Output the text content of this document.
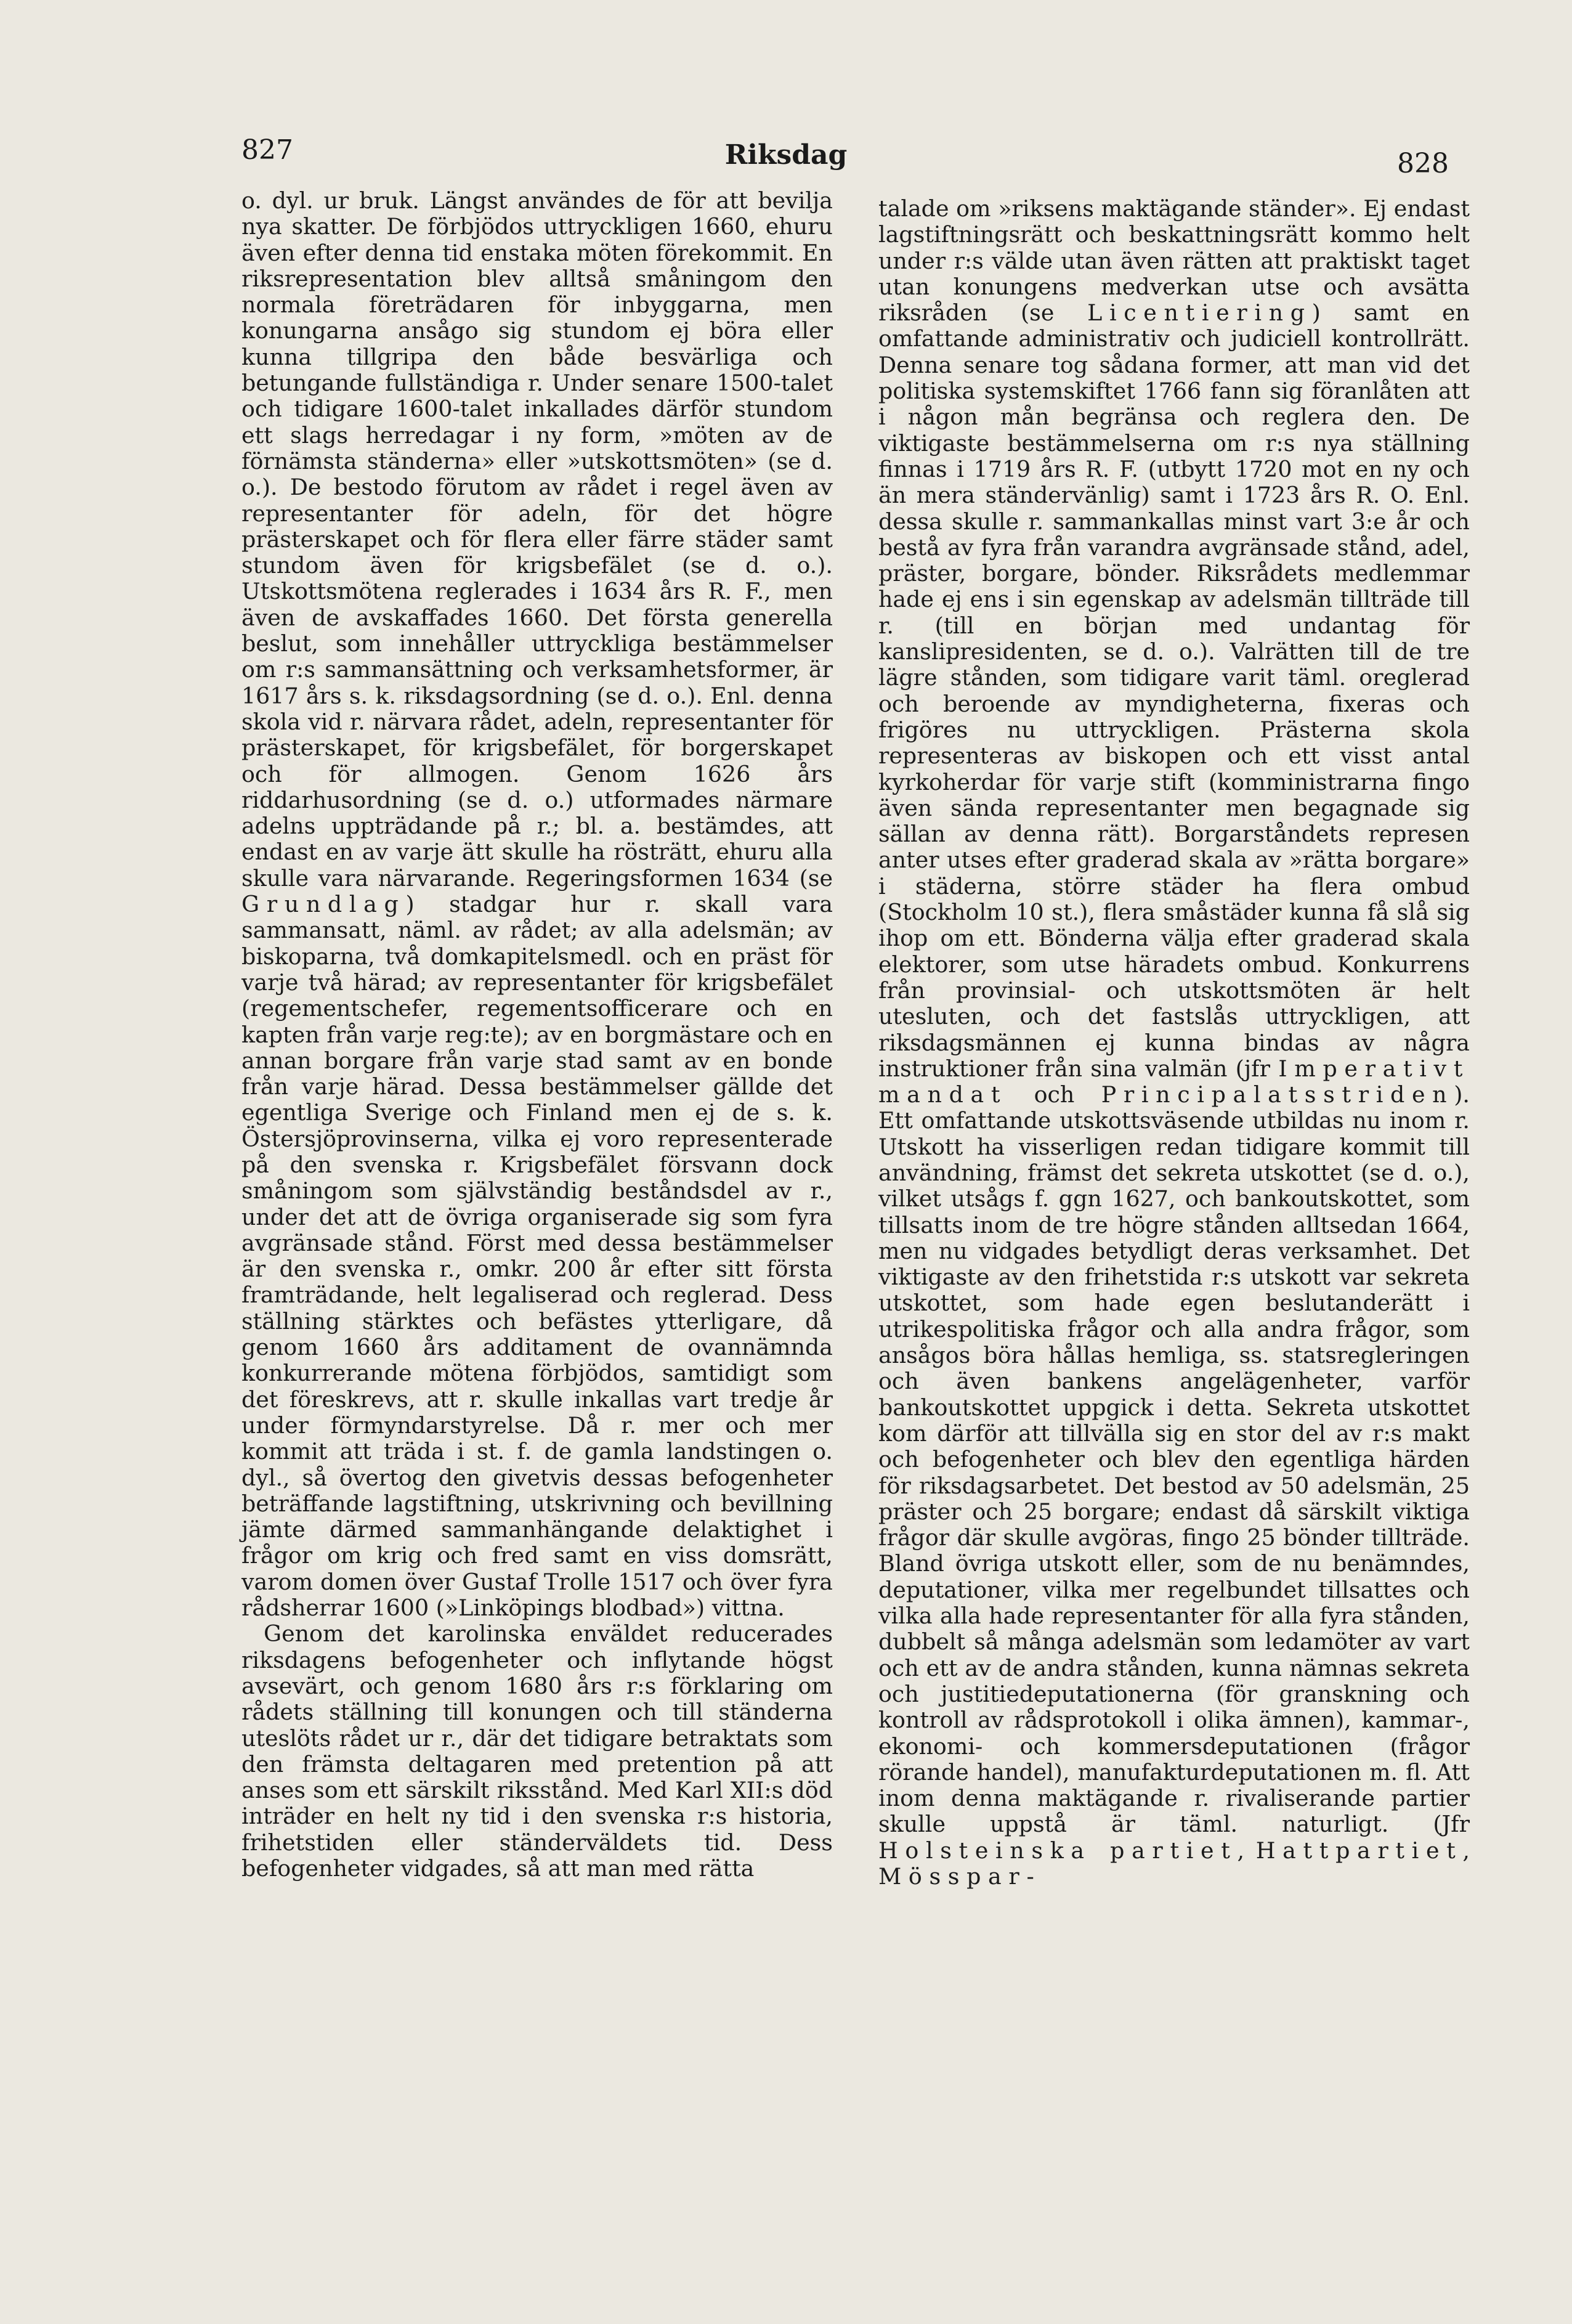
827	Riksdag	828

o. dyl. ur bruk. Längst användes de för att bevilja nya skatter. De förbjödos uttryckligen 1660, ehuru även efter denna tid enstaka möten förekommit. En riksrepresentation blev alltså småningom den normala företrädaren för inbyggarna, men konungarna ansågo sig stundom ej böra eller kunna tillgripa den både besvärliga och betungande fullständiga r. Under senare 1500-talet och tidigare 1600-talet inkallades därför stundom ett slags herredagar i ny form, »möten av de förnämsta ständerna» eller »utskottsmöten» (se d. o.). De bestodo förutom av rådet i regel även av representanter för adeln, för det högre prästerskapet och för flera eller färre städer samt stundom även för krigsbefälet (se d. o.). Utskottsmötena reglerades i 1634 års R. F., men även de avskaffades 1660. Det första generella beslut, som innehåller uttryckliga bestämmelser om r:s sammansättning och verksamhetsformer, är 1617 års s. k. riksdagsordning (se d. o.). Enl. denna skola vid r. närvara rådet, adeln, representanter för prästerskapet, för krigsbefälet, för borgerskapet och för allmogen. Genom 1626 års riddarhusordning (se d. o.) utformades närmare adelns uppträdande på r.; bl. a. bestämdes, att endast en av varje ätt skulle ha rösträtt, ehuru alla skulle vara närvarande. Regeringsformen 1634 (se Grundlag) stadgar hur r. skall vara sammansatt, näml. av rådet; av alla adelsmän; av biskoparna, två domkapitelsmedl. och en präst för varje två härad; av representanter för krigsbefälet (regementschefer, regementsofficerare och en kapten från varje reg:te); av en borgmästare och en annan borgare från varje stad samt av en bonde från varje härad. Dessa bestämmelser gällde det egentliga Sverige och Finland men ej de s. k. Östersjöprovinserna, vilka ej voro representerade på den svenska r. Krigsbefälet försvann dock småningom som självständig beståndsdel av r., under det att de övriga organiserade sig som fyra avgränsade stånd. Först med dessa bestämmelser är den svenska r., omkr. 200 år efter sitt första framträdande, helt legaliserad och reglerad. Dess ställning stärktes och befästes ytterligare, då genom 1660 års additament de ovannämnda konkurrerande mötena förbjödos, samtidigt som det föreskrevs, att r. skulle inkallas vart tredje år under förmyndarstyrelse. Då r. mer och mer kommit att träda i st. f. de gamla landstingen o. dyl., så övertog den givetvis dessas befogenheter beträffande lagstiftning, utskrivning och bevillning jämte därmed sammanhängande delaktighet i frågor om krig och fred samt en viss domsrätt, varom domen över Gustaf Trolle 1517 och över fyra rådsherrar 1600 (»Linköpings blodbad») vittna.

Genom det karolinska enväldet reducerades riksdagens befogenheter och inflytande högst avsevärt, och genom 1680 års r:s förklaring om rådets ställning till konungen och till ständerna uteslöts rådet ur r., där det tidigare betraktats som den främsta deltagaren med pretention på att anses som ett särskilt riksstånd. Med Karl XII:s död inträder en helt ny tid i den svenska r:s historia, frihetstiden eller ständerväldets tid. Dess befogenheter vidgades, så att man med rätta

talade om »riksens maktägande ständer». Ej endast lagstiftningsrätt och beskattningsrätt kommo helt under r:s välde utan även rätten att praktiskt taget utan konungens medverkan utse och avsätta riksråden (se Licentiering) samt en omfattande administrativ och judiciell kontrollrätt. Denna senare tog sådana former, att man vid det politiska systemskiftet 1766 fann sig föranlåten att i någon mån begränsa och reglera den. De viktigaste bestämmelserna om r:s nya ställning finnas i 1719 års R. F. (utbytt 1720 mot en ny och än mera ständervänlig) samt i 1723 års R. O. Enl. dessa skulle r. sammankallas minst vart 3:e år och bestå av fyra från varandra avgränsade stånd, adel, präster, borgare, bönder. Riksrådets medlemmar hade ej ens i sin egenskap av adelsmän tillträde till r. (till en början med undantag för kanslipresidenten, se d. o.). Valrätten till de tre lägre stånden, som tidigare varit täml. oreglerad och beroende av myndigheterna, fixeras och frigöres nu uttryckligen. Prästerna skola representeras av biskopen och ett visst antal kyrkoherdar för varje stift (komministrarna fingo även sända representanter men begagnade sig sällan av denna rätt). Borgarståndets represen anter utses efter graderad skala av »rätta borgare» i städerna, större städer ha flera ombud (Stockholm 10 st.), flera småstäder kunna få slå sig ihop om ett. Bönderna välja efter graderad skala elektorer, som utse häradets ombud. Konkurrens från provinsial- och utskottsmöten är helt utesluten, och det fastslås uttryckligen, att riksdagsmännen ej kunna bindas av några instruktioner från sina valmän (jfr Imperativt mandat och Principalatsstriden). Ett omfattande utskottsväsende utbildas nu inom r. Utskott ha visserligen redan tidigare kommit till användning, främst det sekreta utskottet (se d. o.), vilket utsågs f. ggn 1627, och bankoutskottet, som tillsatts inom de tre högre stånden alltsedan 1664, men nu vidgades betydligt deras verksamhet. Det viktigaste av den frihetstida r:s utskott var sekreta utskottet, som hade egen beslutanderätt i utrikespolitiska frågor och alla andra frågor, som ansågos böra hållas hemliga, ss. statsregleringen och även bankens angelägenheter, varför bankoutskottet uppgick i detta. Sekreta utskottet kom därför att tillvälla sig en stor del av r:s makt och befogenheter och blev den egentliga härden för riksdagsarbetet. Det bestod av 50 adelsmän, 25 präster och 25 borgare; endast då särskilt viktiga frågor där skulle avgöras, fingo 25 bönder tillträde. Bland övriga utskott eller, som de nu benämndes, deputationer, vilka mer regelbundet tillsattes och vilka alla hade representanter för alla fyra stånden, dubbelt så många adelsmän som ledamöter av vart och ett av de andra stånden, kunna nämnas sekreta och justitiedeputationerna (för granskning och kontroll av rådsprotokoll i olika ämnen), kammar-, ekonomi- och kommersdeputationen (frågor rörande handel), manufakturdeputationen m. fl. Att inom denna maktägande r. rivaliserande partier skulle uppstå är täml. naturligt. (Jfr Holsteinska partiet, Hattpartiet, Mösspar-
